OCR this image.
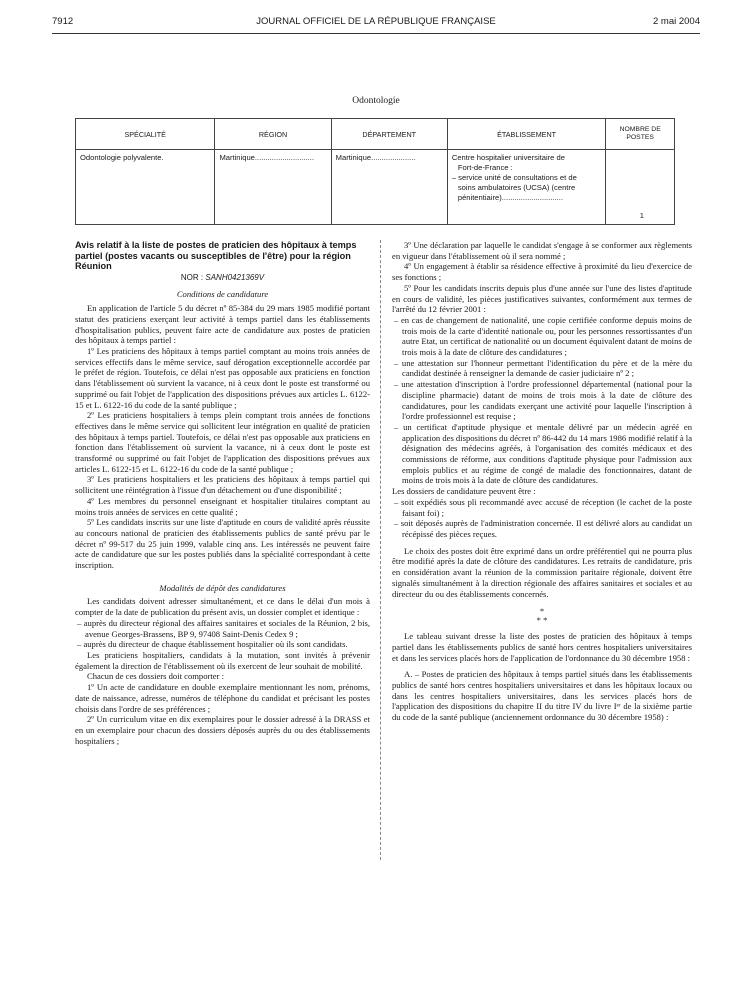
7912	JOURNAL OFFICIEL DE LA RÉPUBLIQUE FRANÇAISE	2 mai 2004
Odontologie
SPÉCIALITÉ	RÉGION	DÉPARTEMENT	ÉTABLISSEMENT	NOMBRE DE POSTES
Odontologie polyvalente.	Martinique............................	Martinique.....................	Centre hospitalier universitaire de
Fort-de-France :
– service unité de consultations et de
soins ambulatoires (UCSA) (centre
pénitentiaire).............................	1
Avis relatif à la liste de postes de praticien des hôpitaux à temps partiel (postes vacants ou susceptibles de l'être) pour la région Réunion
NOR : SANH0421369V
Conditions de candidature

En application de l'article 5 du décret nº 85-384 du 29 mars 1985 modifié portant statut des praticiens exerçant leur activité à temps partiel dans les établissements d'hospitalisation publics, peuvent faire acte de candidature aux postes de praticien des hôpitaux à temps partiel :

1º Les praticiens des hôpitaux à temps partiel comptant au moins trois années de services effectifs dans le même service, sauf dérogation exceptionnelle accordée par le préfet de région. Toutefois, ce délai n'est pas opposable aux praticiens en fonction dans l'établissement où survient la vacance, ni à ceux dont le poste est transformé ou supprimé ou fait l'objet de l'application des dispositions prévues aux articles L. 6122-15 et L. 6122-16 du code de la santé publique ;

2º Les praticiens hospitaliers à temps plein comptant trois années de fonctions effectives dans le même service qui sollicitent leur intégration en qualité de praticien des hôpitaux à temps partiel. Toutefois, ce délai n'est pas opposable aux praticiens en fonction dans l'établissement où survient la vacance, ni à ceux dont le poste est transformé ou supprimé ou fait l'objet de l'application des dispositions prévues aux articles L. 6122-15 et L. 6122-16 du code de la santé publique ;

3º Les praticiens hospitaliers et les praticiens des hôpitaux à temps partiel qui sollicitent une réintégration à l'issue d'un détachement ou d'une disponibilité ;

4º Les membres du personnel enseignant et hospitalier titulaires comptant au moins trois années de services en cette qualité ;

5º Les candidats inscrits sur une liste d'aptitude en cours de validité après réussite au concours national de praticien des établissements publics de santé prévu par le décret nº 99-517 du 25 juin 1999, valable cinq ans. Les intéressés ne peuvent faire acte de candidature que sur les postes publiés dans la spécialité correspondant à cette inscription.

Modalités de dépôt des candidatures

Les candidats doivent adresser simultanément, et ce dans le délai d'un mois à compter de la date de publication du présent avis, un dossier complet et identique :

– auprès du directeur régional des affaires sanitaires et sociales de la Réunion, 2 bis, avenue Georges-Brassens, BP 9, 97408 Saint-Denis Cedex 9 ;

– auprès du directeur de chaque établissement hospitalier où ils sont candidats.

Les praticiens hospitaliers, candidats à la mutation, sont invités à prévenir également la direction de l'établissement où ils exercent de leur souhait de mobilité.

Chacun de ces dossiers doit comporter :

1º Un acte de candidature en double exemplaire mentionnant les nom, prénoms, date de naissance, adresse, numéros de téléphone du candidat et précisant les postes choisis dans l'ordre de ses préférences ;

2º Un curriculum vitae en dix exemplaires pour le dossier adressé à la DRASS et en un exemplaire pour chacun des dossiers déposés auprès du ou des établissements hospitaliers ;

3º Une déclaration par laquelle le candidat s'engage à se conformer aux règlements en vigueur dans l'établissement où il sera nommé ;

4º Un engagement à établir sa résidence effective à proximité du lieu d'exercice de ses fonctions ;

5º Pour les candidats inscrits depuis plus d'une année sur l'une des listes d'aptitude en cours de validité, les pièces justificatives suivantes, conformément aux termes de l'arrêté du 12 février 2001 :

– en cas de changement de nationalité, une copie certifiée conforme depuis moins de trois mois de la carte d'identité nationale ou, pour les personnes ressortissantes d'un autre Etat, un certificat de nationalité ou un document équivalent datant de moins de trois mois à la date de clôture des candidatures ;

– une attestation sur l'honneur permettant l'identification du père et de la mère du candidat destinée à renseigner la demande de casier judiciaire nº 2 ;

– une attestation d'inscription à l'ordre professionnel départemental (national pour la discipline pharmacie) datant de moins de trois mois à la date de clôture des candidatures, pour les candidats exerçant une activité pour laquelle l'inscription à l'ordre professionnel est requise ;

– un certificat d'aptitude physique et mentale délivré par un médecin agréé en application des dispositions du décret nº 86-442 du 14 mars 1986 modifié relatif à la désignation des médecins agréés, à l'organisation des comités médicaux et des commissions de réforme, aux conditions d'aptitude physique pour l'admission aux emplois publics et au régime de congé de maladie des fonctionnaires, datant de moins de trois mois à la date de clôture des candidatures.

Les dossiers de candidature peuvent être :

– soit expédiés sous pli recommandé avec accusé de réception (le cachet de la poste faisant foi) ;

– soit déposés auprès de l'administration concernée. Il est délivré alors au candidat un récépissé des pièces reçues.

Le choix des postes doit être exprimé dans un ordre préférentiel qui ne pourra plus être modifié après la date de clôture des candidatures. Les retraits de candidature, pris en considération avant la réunion de la commission paritaire régionale, doivent être signalés simultanément à la direction régionale des affaires sanitaires et sociales et au directeur du ou des établissements concernés.

*
* *

Le tableau suivant dresse la liste des postes de praticien des hôpitaux à temps partiel dans les établissements publics de santé hors centres hospitaliers universitaires et dans les services placés hors de l'application de l'ordonnance du 30 décembre 1958 :

A. – Postes de praticien des hôpitaux à temps partiel situés dans les établissements publics de santé hors centres hospitaliers universitaires et dans les hôpitaux locaux ou dans les centres hospitaliers universitaires, dans les services placés hors de l'application des dispositions du chapitre II du titre IV du livre Iᵉʳ de la sixième partie du code de la santé publique (anciennement ordonnance du 30 décembre 1958) :
